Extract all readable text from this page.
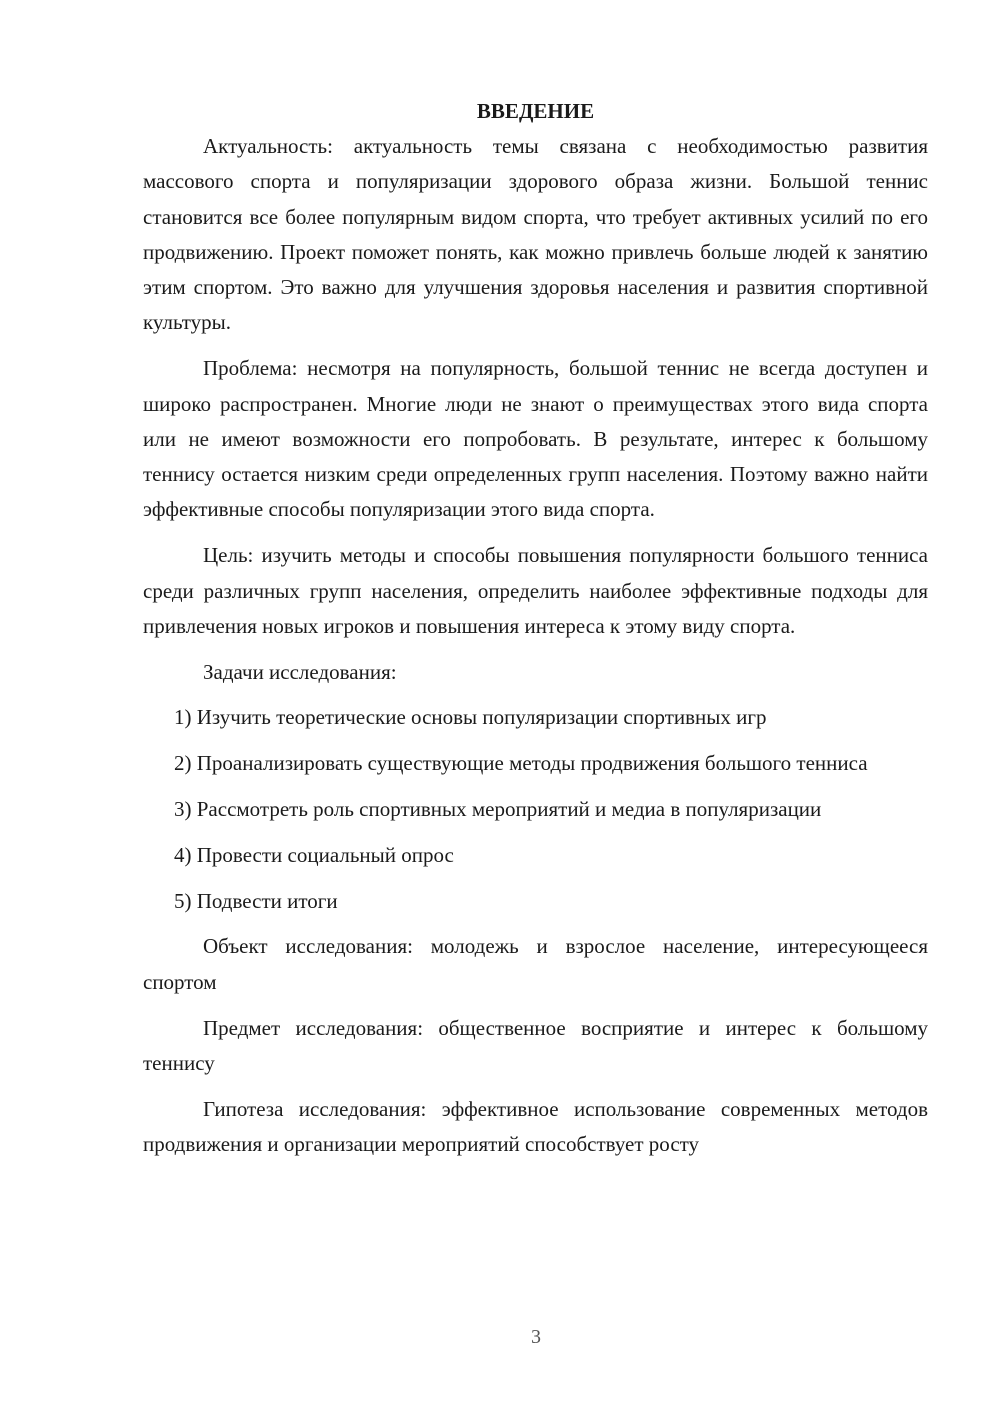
ВВЕДЕНИЕ

Актуальность: актуальность темы связана с необходимостью развития массового спорта и популяризации здорового образа жизни. Большой теннис становится все более популярным видом спорта, что требует активных усилий по его продвижению. Проект поможет понять, как можно привлечь больше людей к занятию этим спортом. Это важно для улучшения здоровья населения и развития спортивной культуры.

Проблема: несмотря на популярность, большой теннис не всегда доступен и широко распространен. Многие люди не знают о преимуществах этого вида спорта или не имеют возможности его попробовать. В результате, интерес к большому теннису остается низким среди определенных групп населения. Поэтому важно найти эффективные способы популяризации этого вида спорта.

Цель: изучить методы и способы повышения популярности большого тенниса среди различных групп населения, определить наиболее эффективные подходы для привлечения новых игроков и повышения интереса к этому виду спорта.

Задачи исследования:

1) Изучить теоретические основы популяризации спортивных игр

2) Проанализировать существующие методы продвижения большого тенниса

3) Рассмотреть роль спортивных мероприятий и медиа в популяризации

4) Провести социальный опрос

5) Подвести итоги

Объект исследования: молодежь и взрослое население, интересующееся спортом

Предмет исследования: общественное восприятие и интерес к большому теннису

Гипотеза исследования: эффективное использование современных методов продвижения и организации мероприятий способствует росту

3
